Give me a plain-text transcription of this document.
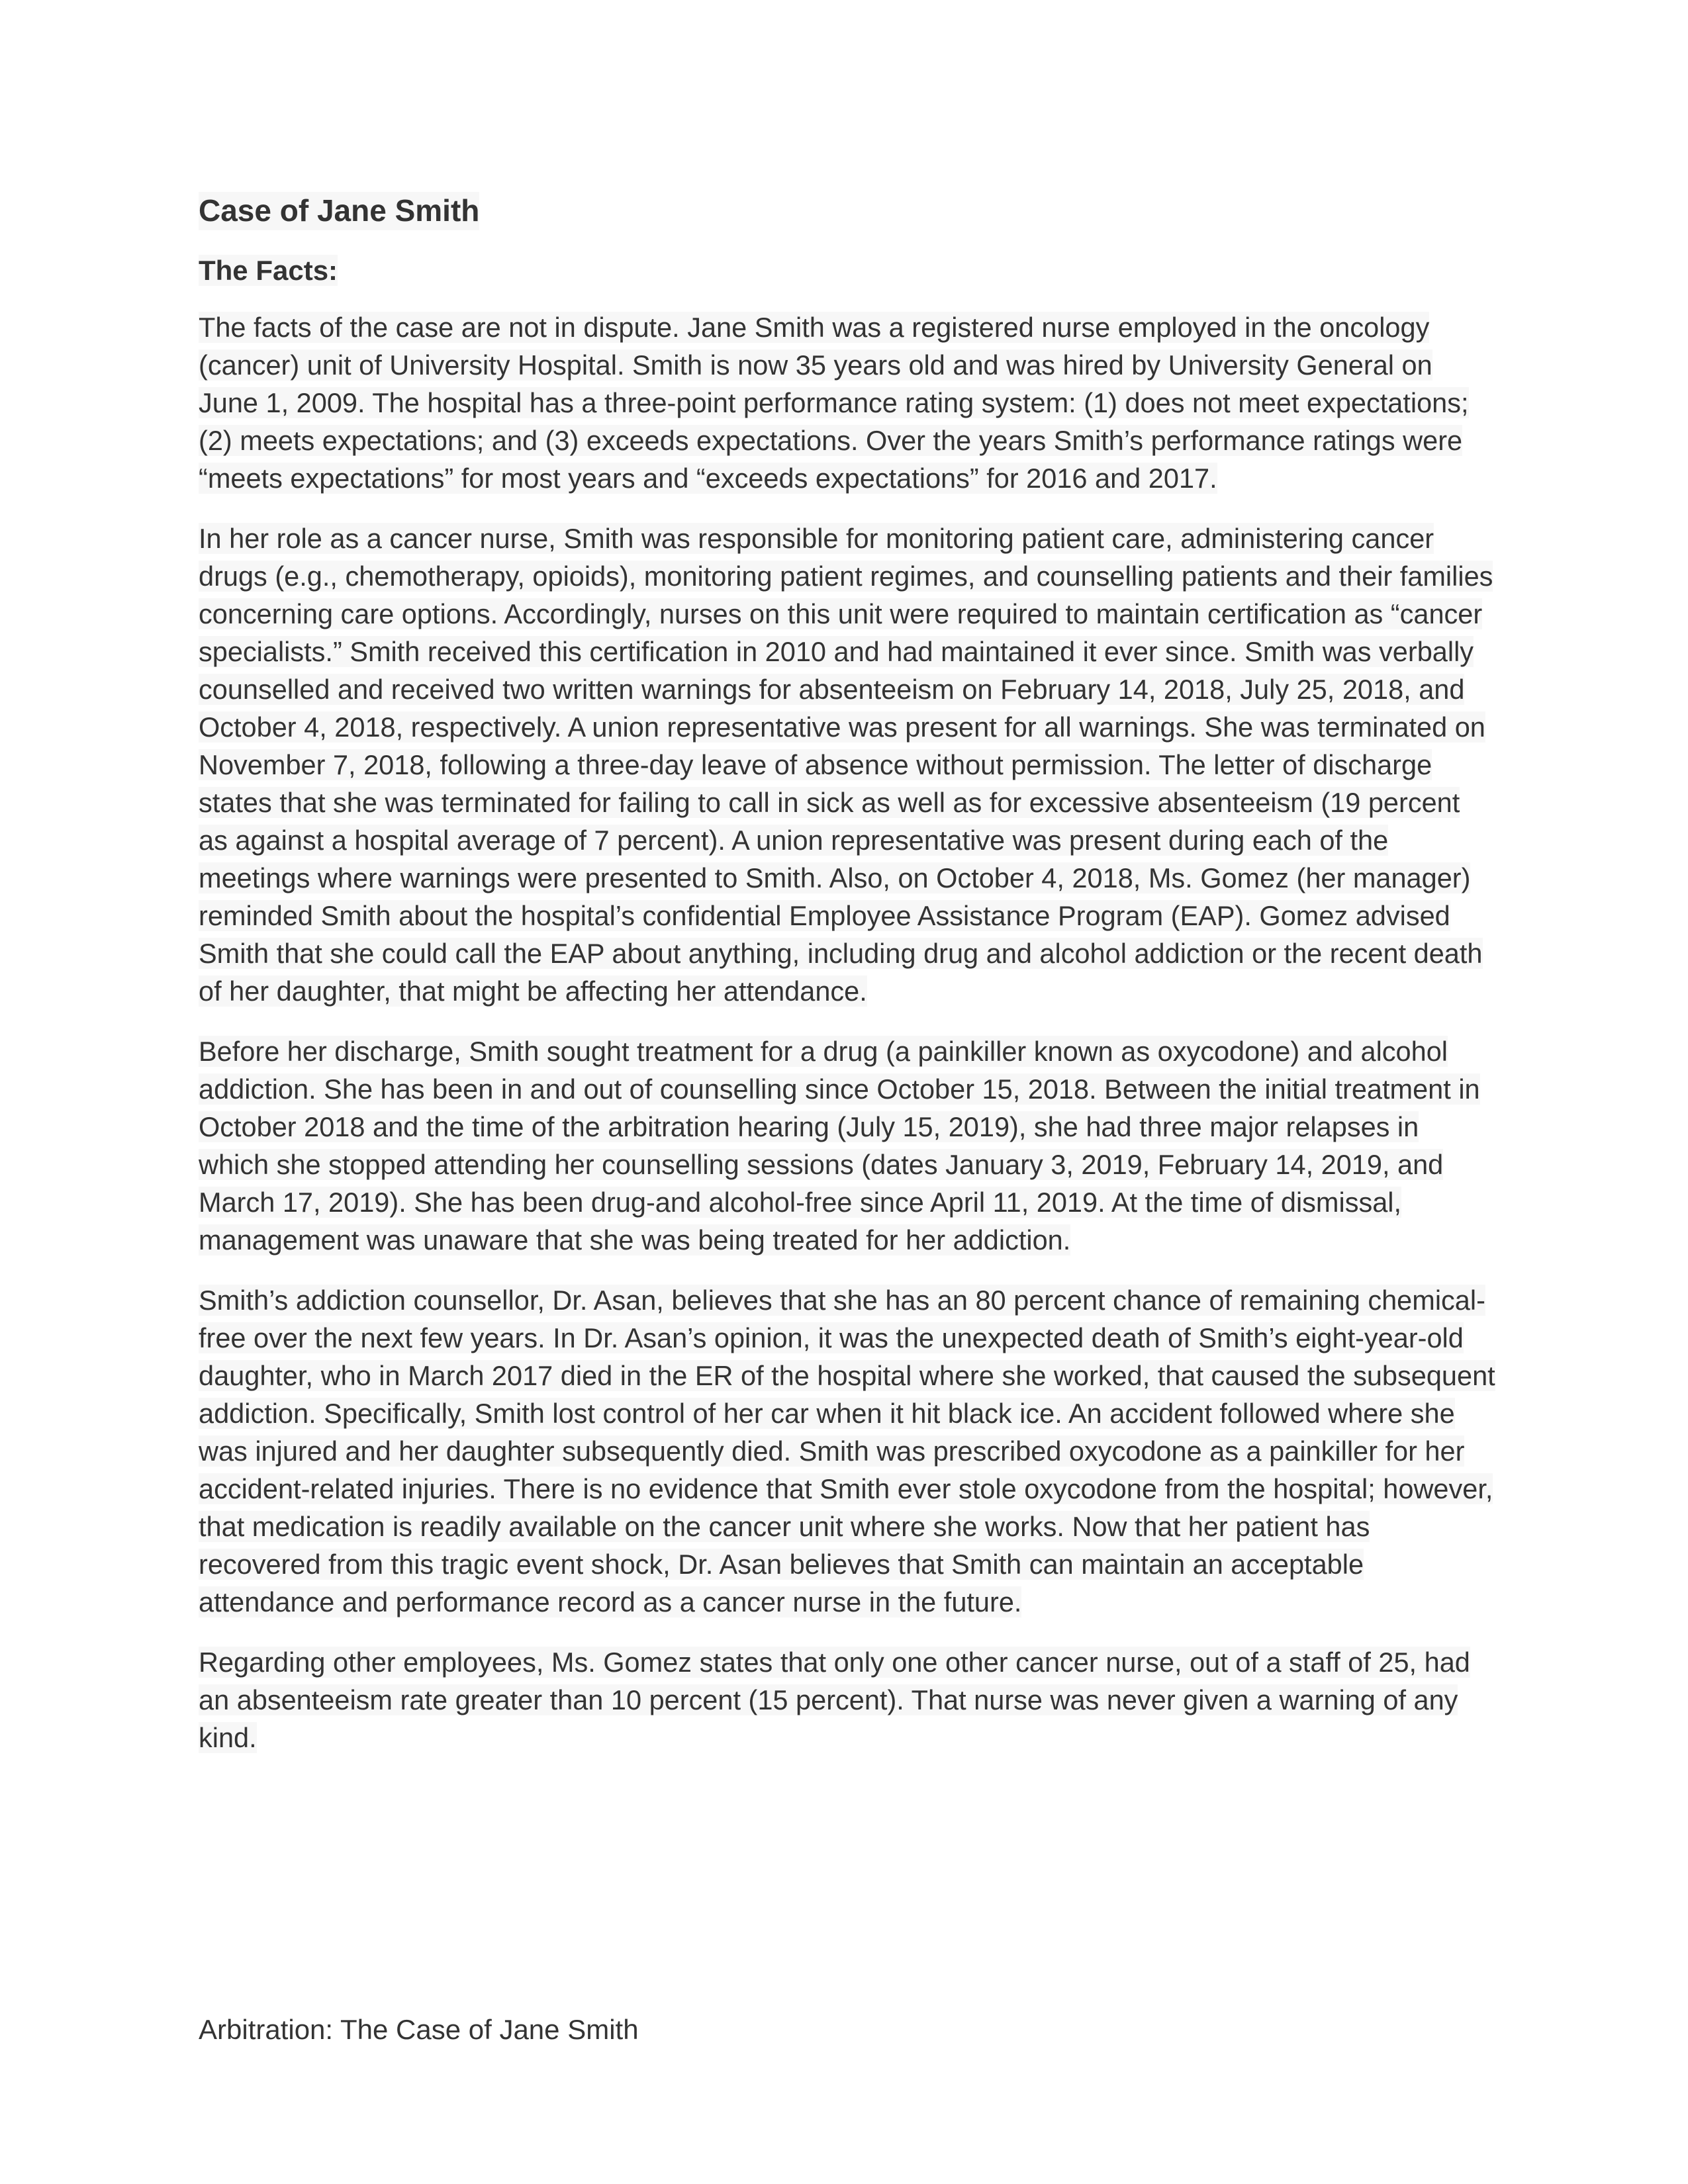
Case of Jane Smith
The Facts:

The facts of the case are not in dispute. Jane Smith was a registered nurse employed in the oncology (cancer) unit of University Hospital. Smith is now 35 years old and was hired by University General on June 1, 2009. The hospital has a three-point performance rating system: (1) does not meet expectations; (2) meets expectations; and (3) exceeds expectations. Over the years Smith’s performance ratings were “meets expectations” for most years and “exceeds expectations” for 2016 and 2017.

In her role as a cancer nurse, Smith was responsible for monitoring patient care, administering cancer drugs (e.g., chemotherapy, opioids), monitoring patient regimes, and counselling patients and their families concerning care options. Accordingly, nurses on this unit were required to maintain certification as “cancer specialists.” Smith received this certification in 2010 and had maintained it ever since. Smith was verbally counselled and received two written warnings for absenteeism on February 14, 2018, July 25, 2018, and October 4, 2018, respectively. A union representative was present for all warnings. She was terminated on November 7, 2018, following a three-day leave of absence without permission. The letter of discharge states that she was terminated for failing to call in sick as well as for excessive absenteeism (19 percent as against a hospital average of 7 percent). A union representative was present during each of the meetings where warnings were presented to Smith. Also, on October 4, 2018, Ms. Gomez (her manager) reminded Smith about the hospital’s confidential Employee Assistance Program (EAP). Gomez advised Smith that she could call the EAP about anything, including drug and alcohol addiction or the recent death of her daughter, that might be affecting her attendance.

Before her discharge, Smith sought treatment for a drug (a painkiller known as oxycodone) and alcohol addiction. She has been in and out of counselling since October 15, 2018. Between the initial treatment in October 2018 and the time of the arbitration hearing (July 15, 2019), she had three major relapses in which she stopped attending her counselling sessions (dates January 3, 2019, February 14, 2019, and March 17, 2019). She has been drug-and alcohol-free since April 11, 2019. At the time of dismissal, management was unaware that she was being treated for her addiction.

Smith’s addiction counsellor, Dr. Asan, believes that she has an 80 percent chance of remaining chemical-free over the next few years. In Dr. Asan’s opinion, it was the unexpected death of Smith’s eight-year-old daughter, who in March 2017 died in the ER of the hospital where she worked, that caused the subsequent addiction. Specifically, Smith lost control of her car when it hit black ice. An accident followed where she was injured and her daughter subsequently died. Smith was prescribed oxycodone as a painkiller for her accident-related injuries. There is no evidence that Smith ever stole oxycodone from the hospital; however, that medication is readily available on the cancer unit where she works. Now that her patient has recovered from this tragic event shock, Dr. Asan believes that Smith can maintain an acceptable attendance and performance record as a cancer nurse in the future.

Regarding other employees, Ms. Gomez states that only one other cancer nurse, out of a staff of 25, had an absenteeism rate greater than 10 percent (15 percent). That nurse was never given a warning of any kind.

Arbitration: The Case of Jane Smith
